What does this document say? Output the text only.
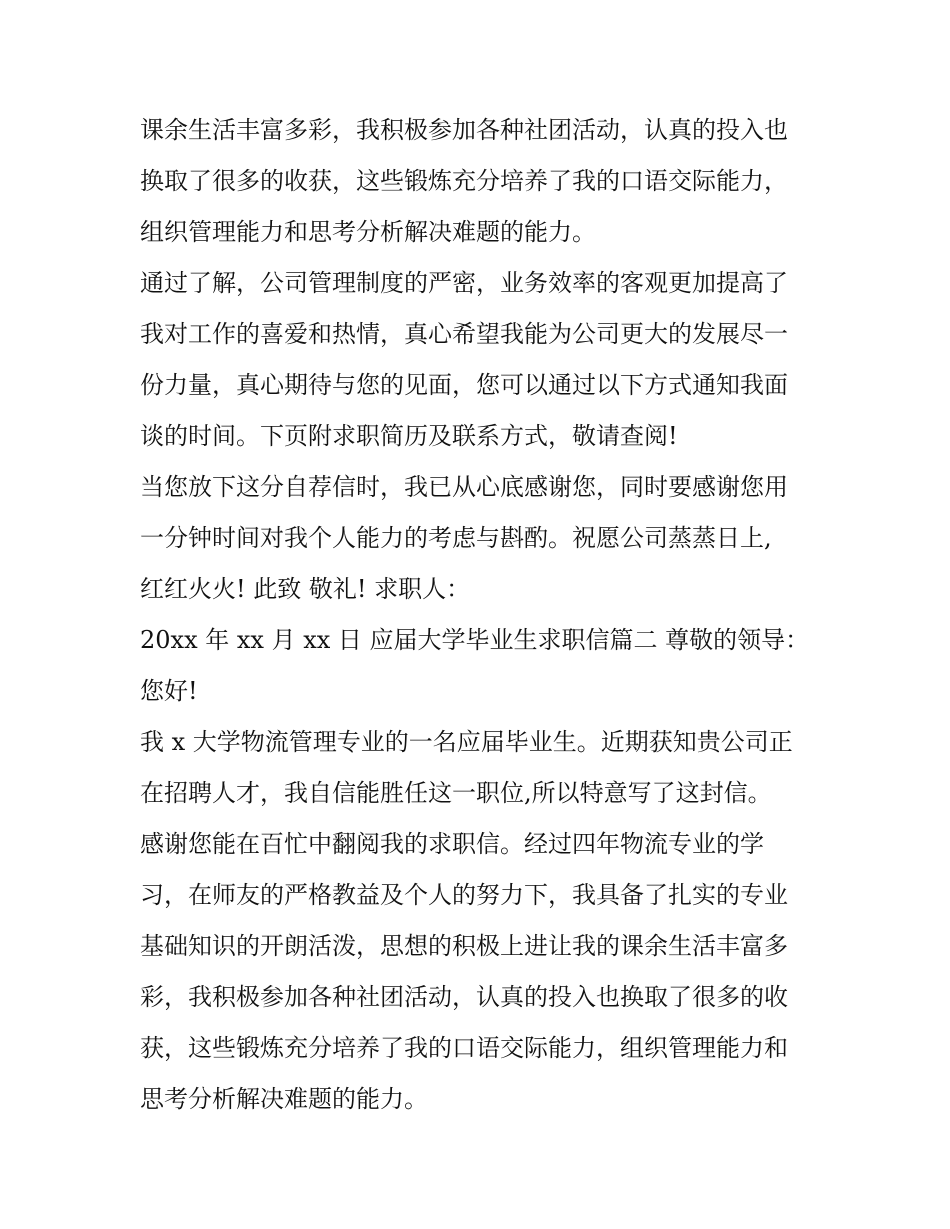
课余生活丰富多彩，我积极参加各种社团活动，认真的投入也
换取了很多的收获，这些锻炼充分培养了我的口语交际能力，
组织管理能力和思考分析解决难题的能力。
通过了解，公司管理制度的严密，业务效率的客观更加提高了
我对工作的喜爱和热情，真心希望我能为公司更大的发展尽一
份力量，真心期待与您的见面，您可以通过以下方式通知我面
谈的时间。下页附求职简历及联系方式，敬请查阅!
当您放下这分自荐信时，我已从心底感谢您，同时要感谢您用
一分钟时间对我个人能力的考虑与斟酌。祝愿公司蒸蒸日上,
红红火火! 此致 敬礼! 求职人：
20xx 年 xx 月 xx 日 应届大学毕业生求职信篇二 尊敬的领导：
您好!
我 x 大学物流管理专业的一名应届毕业生。近期获知贵公司正
在招聘人才，我自信能胜任这一职位,所以特意写了这封信。
感谢您能在百忙中翻阅我的求职信。经过四年物流专业的学
习，在师友的严格教益及个人的努力下，我具备了扎实的专业
基础知识的开朗活泼，思想的积极上进让我的课余生活丰富多
彩，我积极参加各种社团活动，认真的投入也换取了很多的收
获，这些锻炼充分培养了我的口语交际能力，组织管理能力和
思考分析解决难题的能力。
